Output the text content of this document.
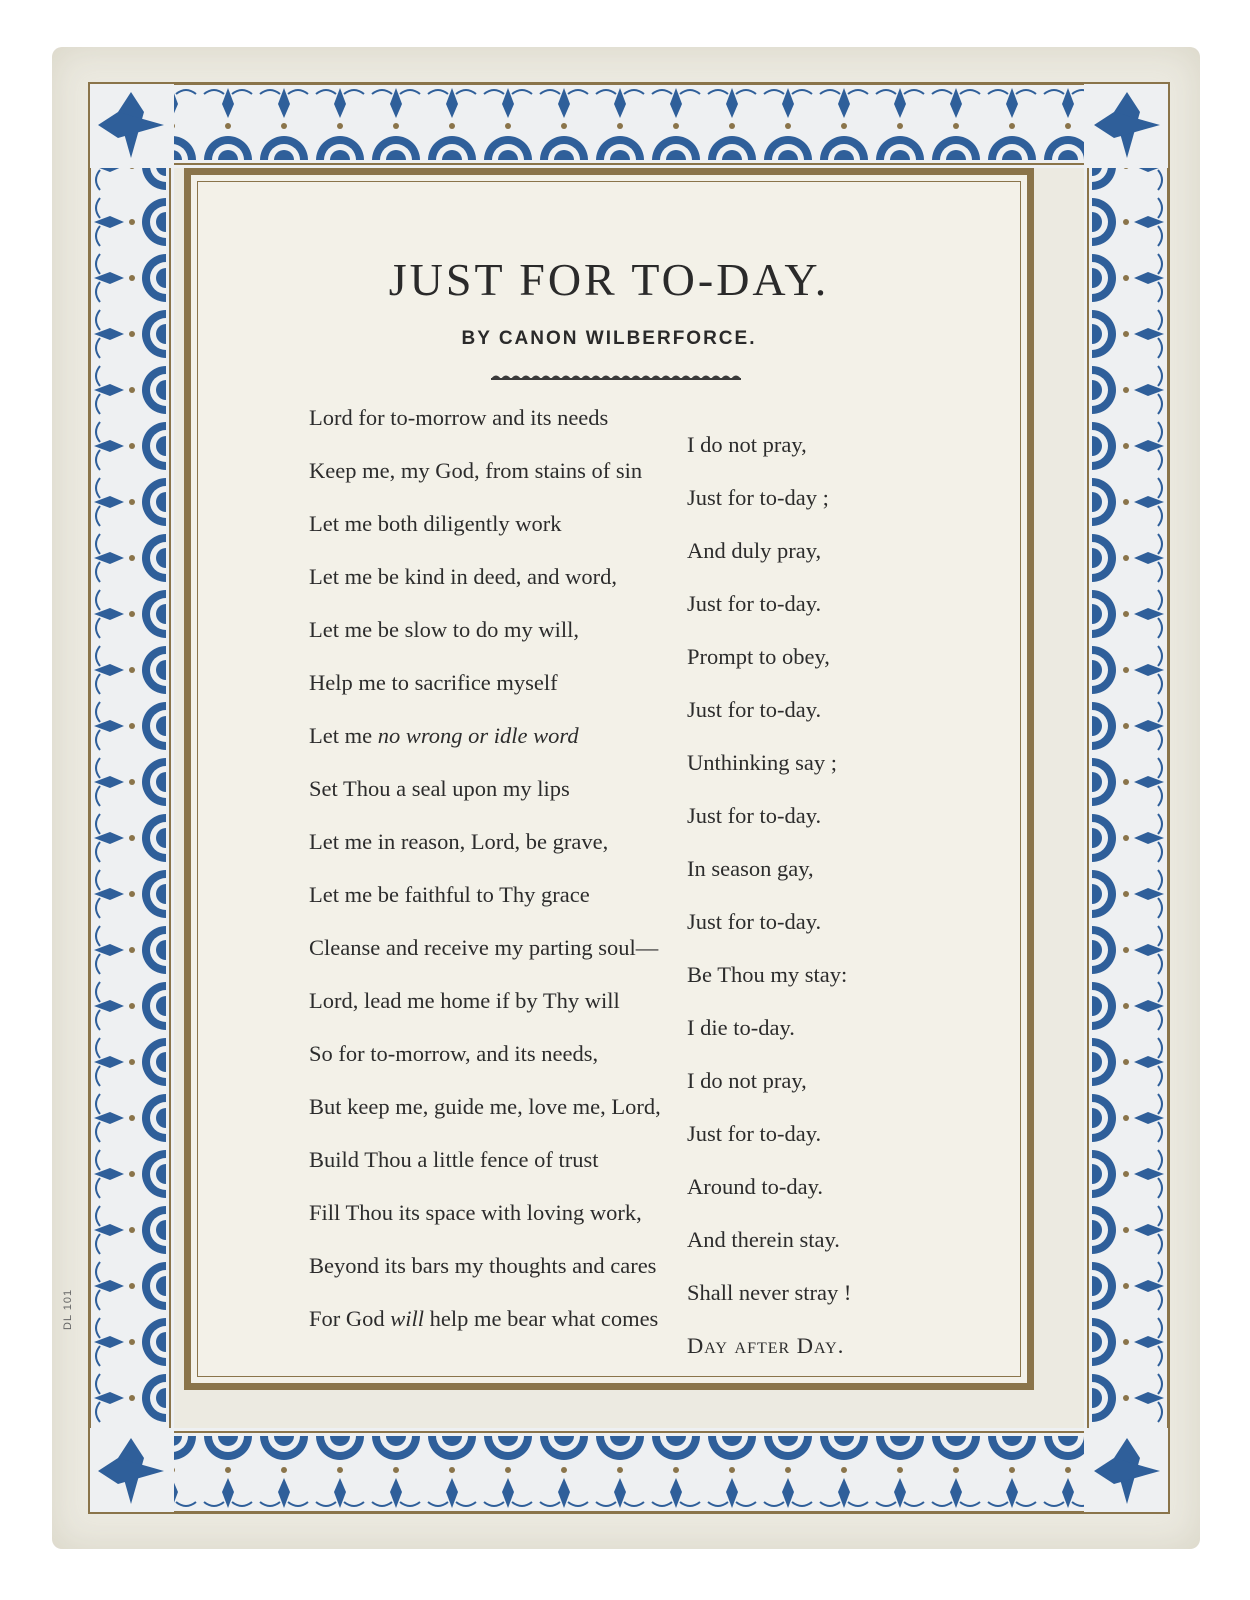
JUST FOR TO-DAY.
BY CANON WILBERFORCE.
Lord for to-morrow and its needs
I do not pray,
Keep me, my God, from stains of sin
Just for to-day ;
Let me both diligently work
And duly pray,
Let me be kind in deed, and word,
Just for to-day.
Let me be slow to do my will,
Prompt to obey,
Help me to sacrifice myself
Just for to-day.
Let me no wrong or idle word
Unthinking say ;
Set Thou a seal upon my lips
Just for to-day.
Let me in reason, Lord, be grave,
In season gay,
Let me be faithful to Thy grace
Just for to-day.
Cleanse and receive my parting soul—
Be Thou my stay:
Lord, lead me home if by Thy will
I die to-day.
So for to-morrow, and its needs,
I do not pray,
But keep me, guide me, love me, Lord,
Just for to-day.
Build Thou a little fence of trust
Around to-day.
Fill Thou its space with loving work,
And therein stay.
Beyond its bars my thoughts and cares
Shall never stray !
For God will help me bear what comes
Day after Day.
DL 101
